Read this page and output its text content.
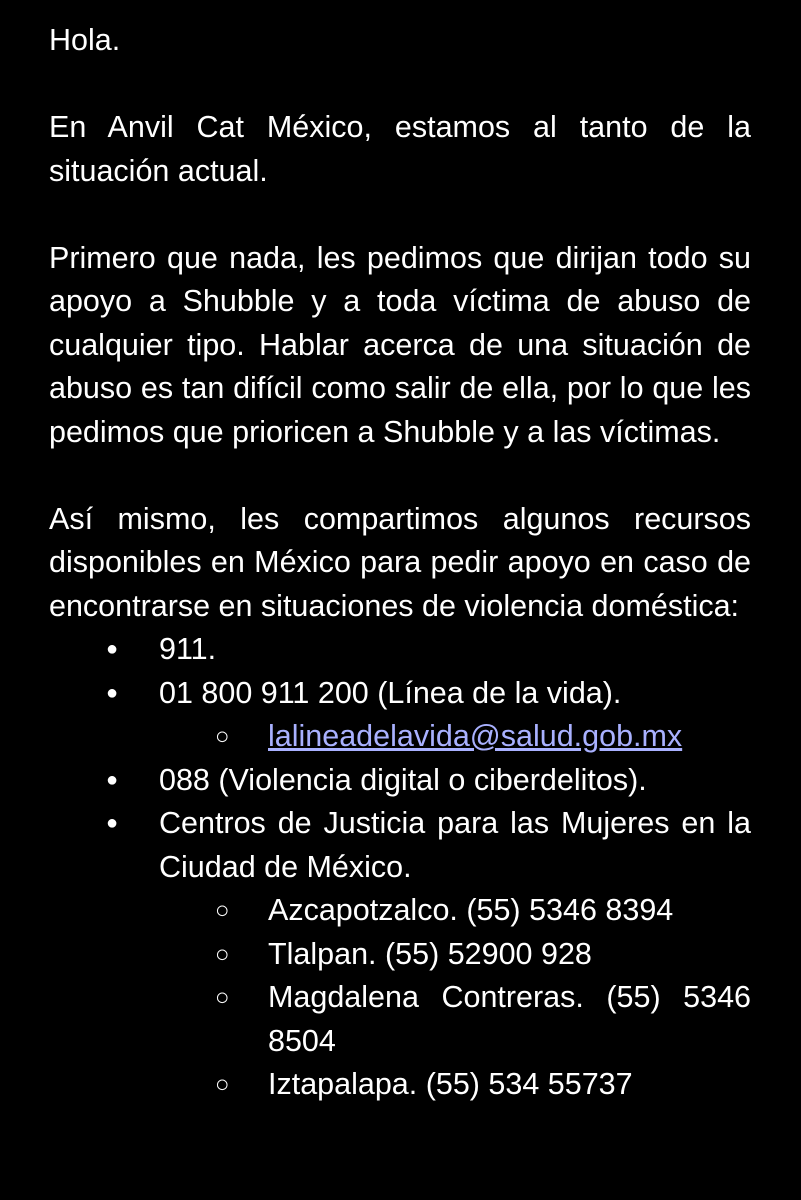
Hola.

En Anvil Cat México, estamos al tanto de la situación actual.

Primero que nada, les pedimos que dirijan todo su apoyo a Shubble y a toda víctima de abuso de cualquier tipo. Hablar acerca de una situación de abuso es tan difícil como salir de ella, por lo que les pedimos que prioricen a Shubble y a las víctimas.

Así mismo, les compartimos algunos recursos disponibles en México para pedir apoyo en caso de encontrarse en situaciones de violencia doméstica:

● 911.
● 01 800 911 200 (Línea de la vida).
○ lalineadelavida@salud.gob.mx
● 088 (Violencia digital o ciberdelitos).
● Centros de Justicia para las Mujeres en la Ciudad de México.
○ Azcapotzalco. (55) 5346 8394
○ Tlalpan. (55) 52900 928
○ Magdalena Contreras. (55) 5346 8504
○ Iztapalapa. (55) 534 55737
